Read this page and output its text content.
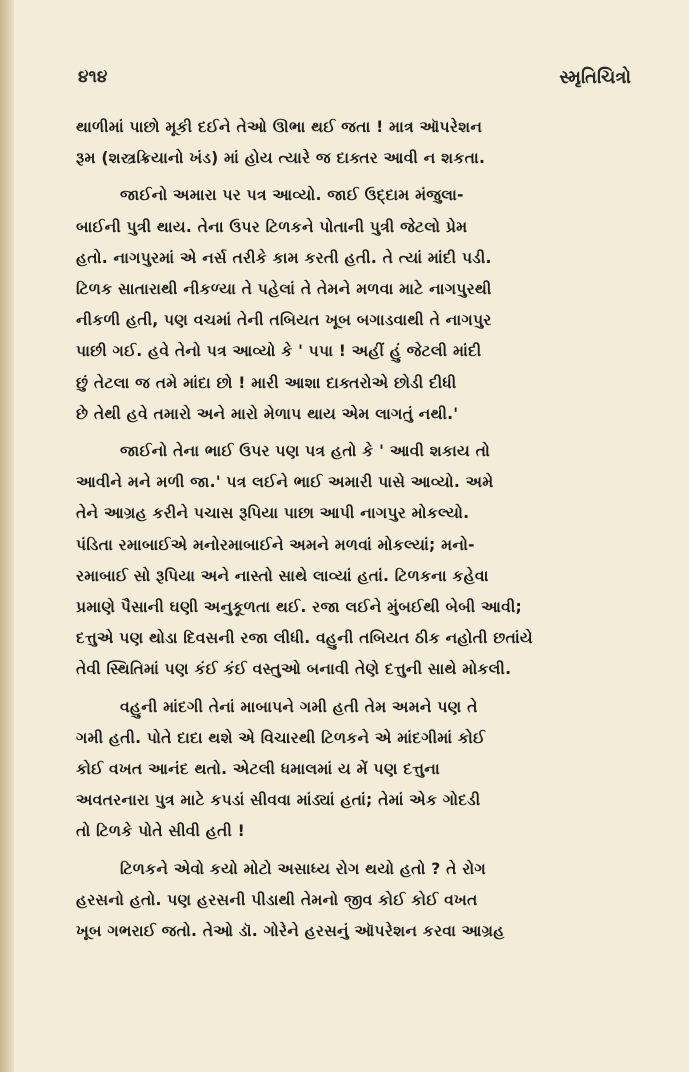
૪૧૪	સ્મૃતિચિત્રો

થાળીમાં પાછો મૂકી દઈને તેઓ ઊભા થઈ જતા ! માત્ર ઑપરેશન
રૂમ (શસ્ત્રક્રિયાનો ખંડ) માં હોય ત્યારે જ દાક્તર આવી ન શકતા.

જાઈનો અમારા પર પત્ર આવ્યો. જાઈ ઉદ્દામ મંજુલા-
બાઈની પુત્રી થાય. તેના ઉપર ટિળકને પોતાની પુત્રી જેટલો પ્રેમ
હતો. નાગપુરમાં એ નર્સ તરીકે કામ કરતી હતી. તે ત્યાં માંદી પડી.
ટિળક સાતારાથી નીકળ્યા તે પહેલાં તે તેમને મળવા માટે નાગપુરથી
નીકળી હતી, પણ વચમાં તેની તબિયત ખૂબ બગાડવાથી તે નાગપુર
પાછી ગઈ. હવે તેનો પત્ર આવ્યો કે ' પપા ! અહીં હું જેટલી માંદી
છું તેટલા જ તમે માંદા છો ! મારી આશા દાક્તરોએ છોડી દીધી
છે તેથી હવે તમારો અને મારો મેળાપ થાય એમ લાગતું નથી.'

જાઈનો તેના ભાઈ ઉપર પણ પત્ર હતો કે ' આવી શકાય તો
આવીને મને મળી જા.' પત્ર લઈને ભાઈ અમારી પાસે આવ્યો. અમે
તેને આગ્રહ કરીને પચાસ રૂપિયા પાછા આપી નાગપુર મોકલ્યો.
પંડિતા રમાબાઈએ મનોરમાબાઈને અમને મળવાં મોકલ્યાં; મનો-
રમાબાઈ સો રૂપિયા અને નાસ્તો સાથે લાવ્યાં હતાં. ટિળકના કહેવા
પ્રમાણે પૈસાની ઘણી અનુકૂળતા થઈ. રજા લઈને મુંબઈથી બેબી આવી;
દત્તુએ પણ થોડા દિવસની રજા લીધી. વહુની તબિયત ઠીક નહોતી છતાંયે
તેવી સ્થિતિમાં પણ કંઈ કંઈ વસ્તુઓ બનાવી તેણે દત્તુની સાથે મોકલી.

વહુની માંદગી તેનાં માબાપને ગમી હતી તેમ અમને પણ તે
ગમી હતી. પોતે દાદા થશે એ વિચારથી ટિળકને એ માંદગીમાં કોઈ
કોઈ વખત આનંદ થતો. એટલી ધમાલમાં ય મેં પણ દત્તુના
અવતરનારા પુત્ર માટે કપડાં સીવવા માંડ્યાં હતાં; તેમાં એક ગોદડી
તો ટિળકે પોતે સીવી હતી !

ટિળકને એવો કયો મોટો અસાધ્ય રોગ થયો હતો ? તે રોગ
હરસનો હતો. પણ હરસની પીડાથી તેમનો જીવ કોઈ કોઈ વખત
ખૂબ ગભરાઈ જતો. તેઓ ડૉ. ગોરેને હરસનું ઑપરેશન કરવા આગ્રહ
